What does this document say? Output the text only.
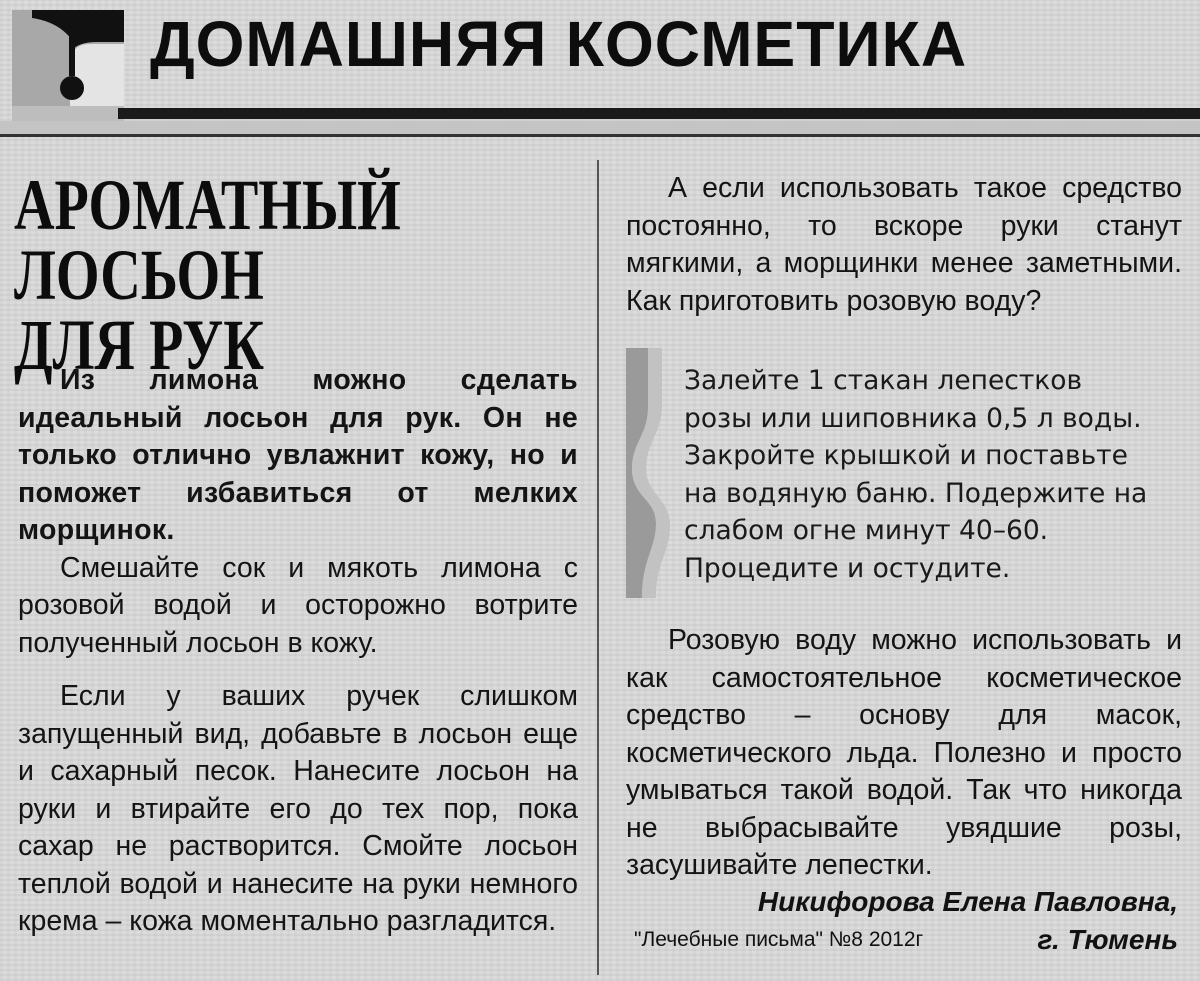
ДОМАШНЯЯ КОСМЕТИКА
АРОМАТНЫЙ ЛОСЬОН
ДЛЯ РУК

Из лимона можно сделать идеальный лосьон для рук. Он не только отлично увлажнит кожу, но и поможет избавиться от мелких морщинок.

Смешайте сок и мякоть лимона с розовой водой и осторожно вотрите полученный лосьон в кожу.

Если у ваших ручек слишком запущенный вид, добавьте в лосьон еще и сахарный песок. Нанесите лосьон на руки и втирайте его до тех пор, пока сахар не растворится. Смойте лосьон теплой водой и нанесите на руки немного крема – кожа моментально разгладится.

А если использовать такое средство постоянно, то вскоре руки станут мягкими, а морщинки менее заметными. Как приготовить розовую воду?

Залейте 1 стакан лепестков розы или шиповника 0,5 л воды. Закройте крышкой и поставьте на водяную баню. Подержите на слабом огне минут 40–60. Процедите и остудите.

Розовую воду можно использовать и как самостоятельное косметическое средство – основу для масок, косметического льда. Полезно и просто умываться такой водой. Так что никогда не выбрасывайте увядшие розы, засушивайте лепестки.

Никифорова Елена Павловна,
"Лечебные письма" №8 2012г	г. Тюмень
